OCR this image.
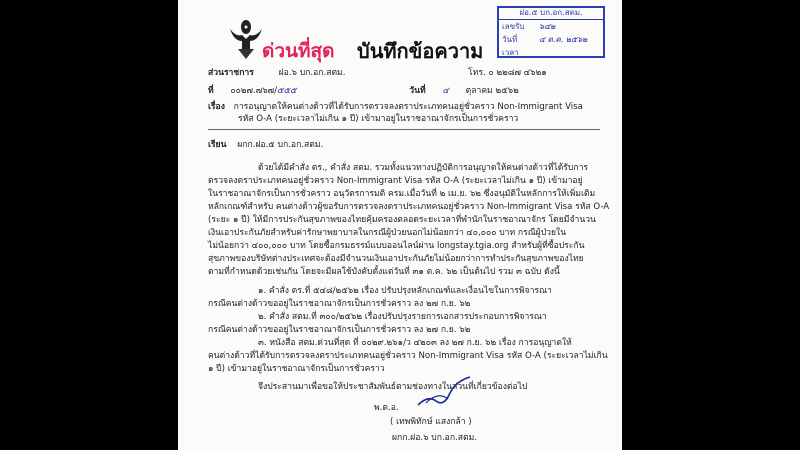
ด่วนที่สุด บันทึกข้อความ
ฝอ.๕ บก.อก.สตม.
เลขรับ ๖๔๒
วันที่	๔ ต.ค. ๒๕๖๒
เวลา
ส่วนราชการ	ฝอ.๖ บก.อก.สตม.	โทร. ๐ ๒๒๘๗ ๔๖๒๑
ที่ ๐๐๒๗.๗๖๗/๕๕๕	วันที่ ๔ ตุลาคม ๒๕๖๒
เรื่อง การอนุญาตให้คนต่างด้าวที่ได้รับการตรวจลงตราประเภทคนอยู่ชั่วคราว Non-Immigrant Visa
รหัส O-A (ระยะเวลาไม่เกิน ๑ ปี) เข้ามาอยู่ในราชอาณาจักรเป็นการชั่วคราว
เรียน ผกก.ฝอ.๕ บก.อก.สตม.
ด้วยได้มีคำสั่ง ตร., คำสั่ง สตม. รวมทั้งแนวทางปฏิบัติการอนุญาตให้คนต่างด้าวที่ได้รับการ
ตรวจลงตราประเภทคนอยู่ชั่วคราว Non-Immigrant Visa รหัส O-A (ระยะเวลาไม่เกิน ๑ ปี) เข้ามาอยู่
ในราชอาณาจักรเป็นการชั่วคราว อนุวัตรการมติ ครม.เมื่อวันที่ ๒ เม.ย. ๖๒ ซึ่งอนุมัติในหลักการให้เพิ่มเติม
หลักเกณฑ์สำหรับ คนต่างด้าวผู้ขอรับการตรวจลงตราประเภทคนอยู่ชั่วคราว Non-Immigrant Visa รหัส O-A
(ระยะ ๑ ปี) ให้มีการประกันสุขภาพของไทยคุ้มครองตลอดระยะเวลาที่พำนักในราชอาณาจักร โดยมีจำนวน
เงินเอาประกันภัยสำหรับค่ารักษาพยาบาลในกรณีผู้ป่วยนอกไม่น้อยกว่า ๔๐,๐๐๐ บาท กรณีผู้ป่วยใน
ไม่น้อยกว่า ๔๐๐,๐๐๐ บาท โดยซื้อกรมธรรม์แบบออนไลน์ผ่าน longstay.tgia.org สำหรับผู้ที่ซื้อประกัน
สุขภาพของบริษัทต่างประเทศจะต้องมีจำนวนเงินเอาประกันภัยไม่น้อยกว่าการทำประกันสุขภาพของไทย
ตามที่กำหนดด้วยเช่นกัน โดยจะมีผลใช้บังคับตั้งแต่วันที่ ๓๑ ต.ค. ๖๒ เป็นต้นไป รวม ๓ ฉบับ ดังนี้
๑. คำสั่ง ตร.ที่ ๕๔๘/๒๕๖๒ เรื่อง ปรับปรุงหลักเกณฑ์และเงื่อนไขในการพิจารณา
กรณีคนต่างด้าวขออยู่ในราชอาณาจักรเป็นการชั่วคราว ลง ๒๗ ก.ย. ๖๒
๒. คำสั่ง สตม.ที่ ๓๐๐/๒๕๖๒ เรื่องปรับปรุงรายการเอกสารประกอบการพิจารณา
กรณีคนต่างด้าวขออยู่ในราชอาณาจักรเป็นการชั่วคราว ลง ๒๗ ก.ย. ๖๒
๓. หนังสือ สตม.ด่วนที่สุด ที่ ๐๐๒๙.๒๖๑/ว ๔๒๐๓ ลง ๒๗ ก.ย. ๖๒ เรื่อง การอนุญาตให้
คนต่างด้าวที่ได้รับการตรวจลงตราประเภทคนอยู่ชั่วคราว Non-Immigrant Visa รหัส O-A (ระยะเวลาไม่เกิน
๑ ปี) เข้ามาอยู่ในราชอาณาจักรเป็นการชั่วคราว
จึงประสานมาเพื่อขอให้ประชาสัมพันธ์ตามช่องทางในส่วนที่เกี่ยวข้องต่อไป
พ.ต.อ.
( เทพพิทักษ์ แสงกล้า )
ผกก.ฝอ.๖ บก.อก.สตม.
